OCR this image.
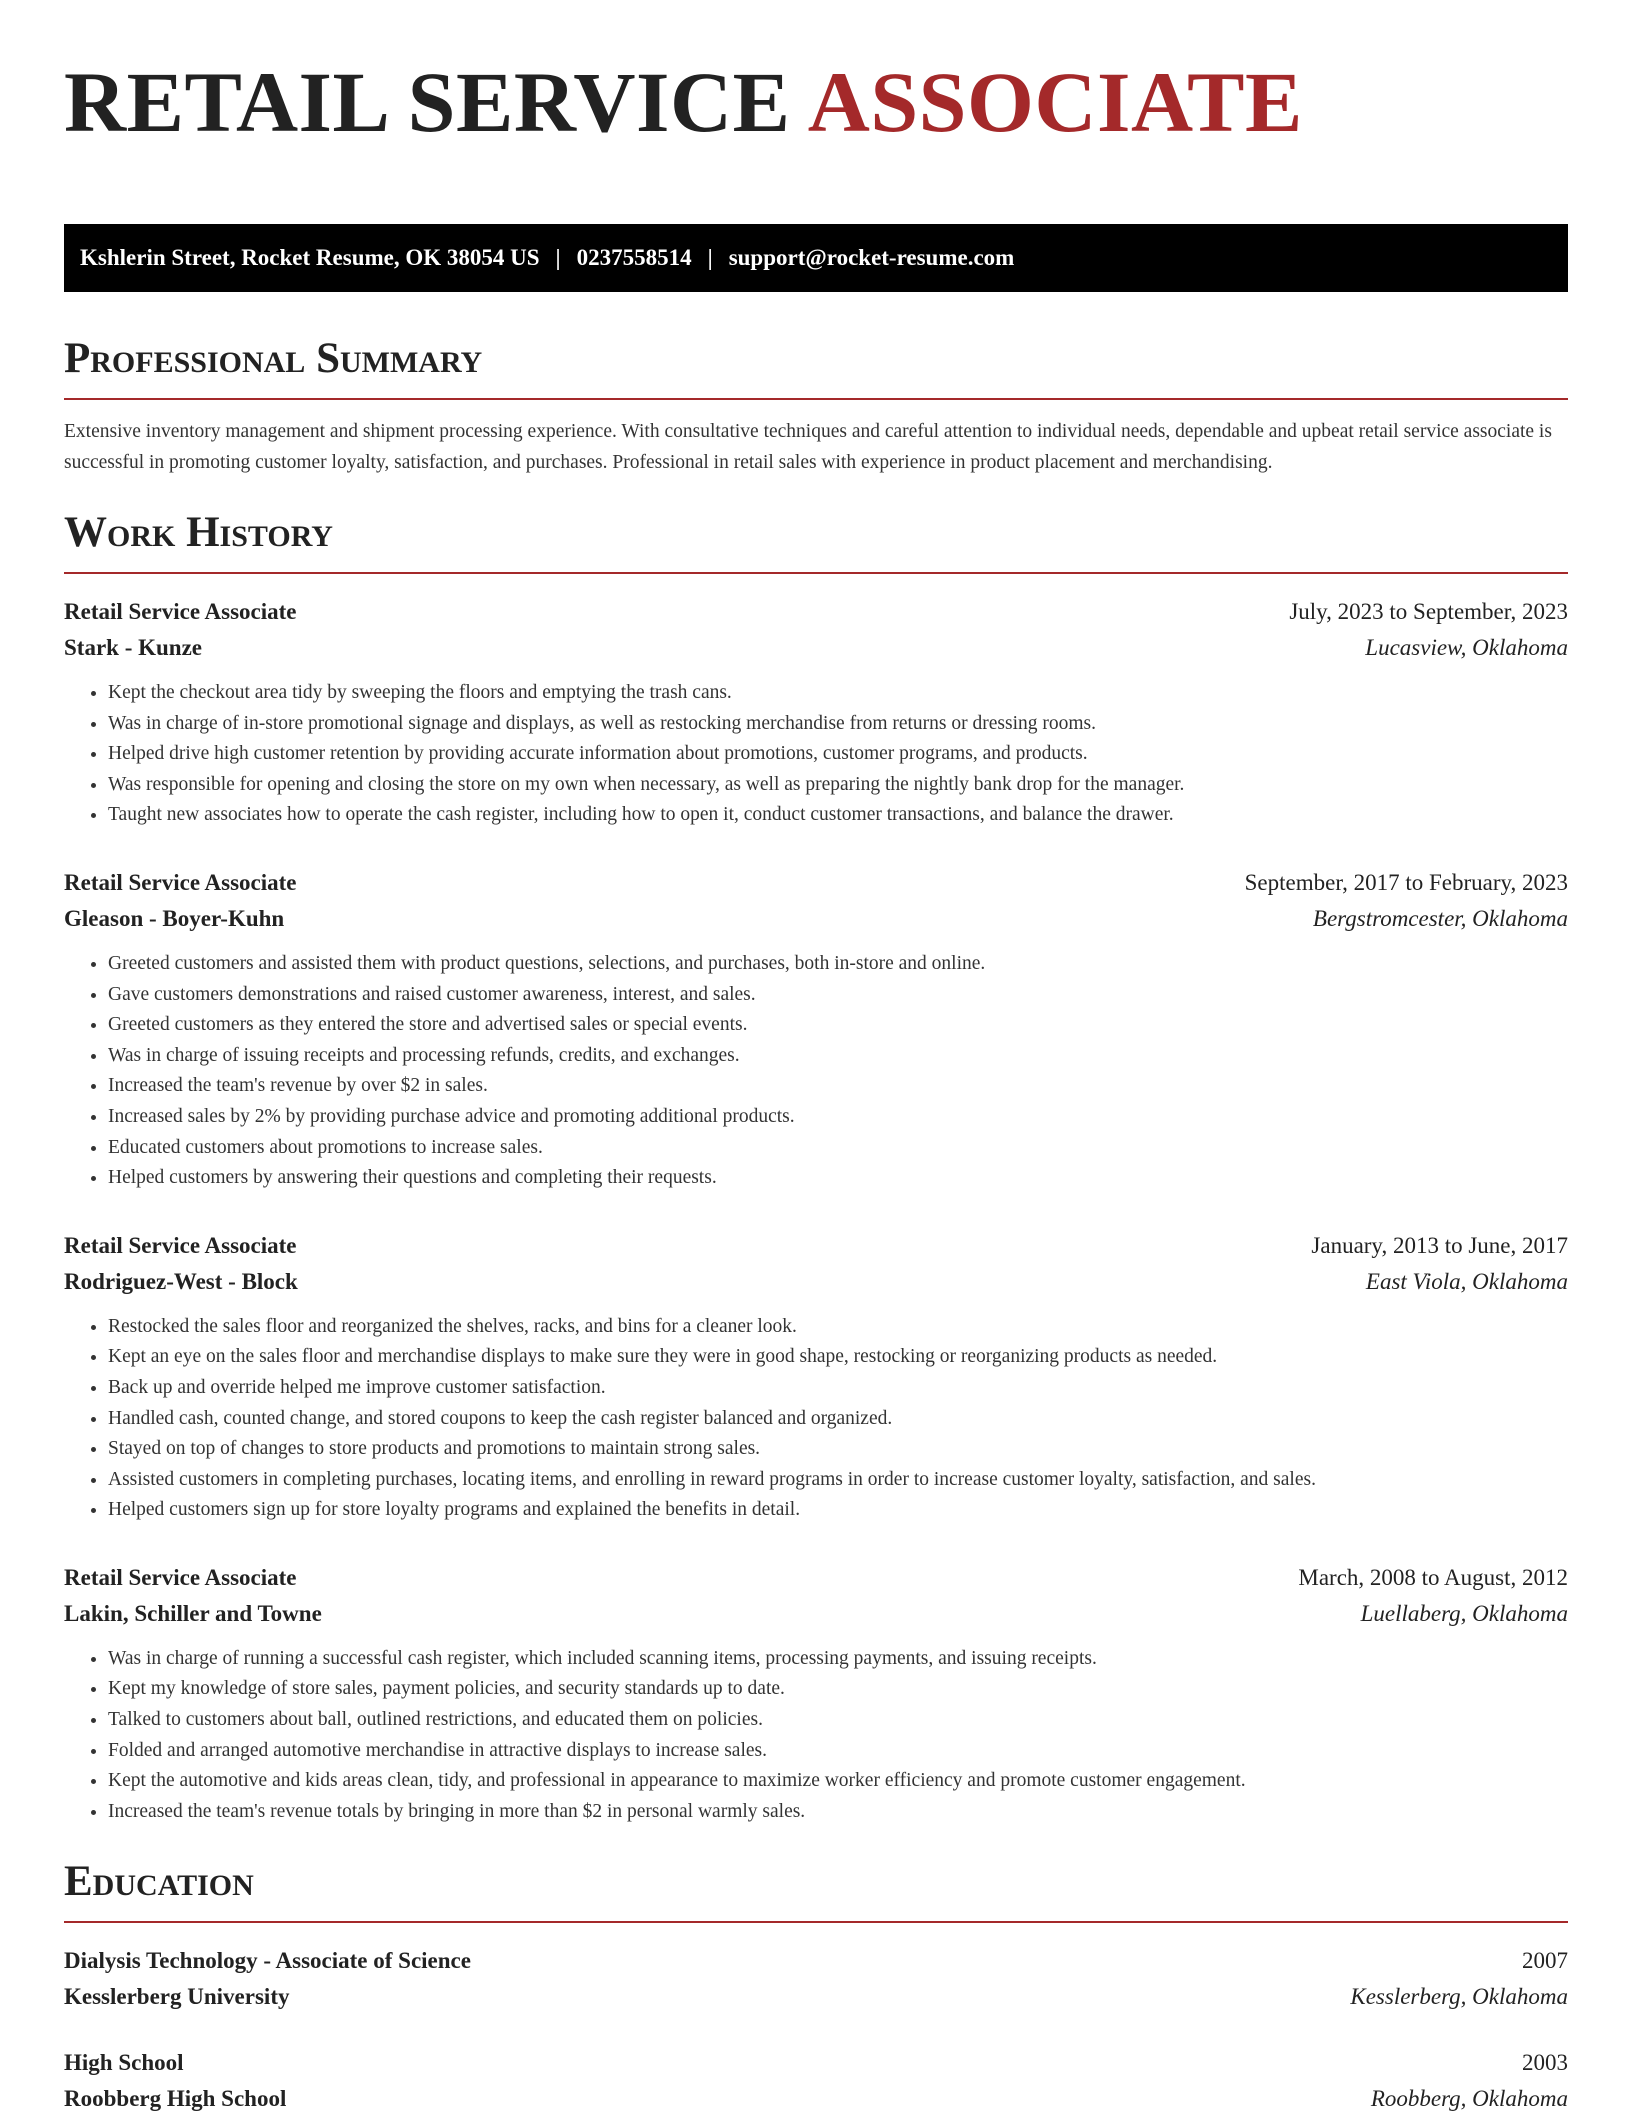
RETAIL SERVICE ASSOCIATE
Kshlerin Street, Rocket Resume, OK 38054 US | 0237558514 | support@rocket-resume.com
Professional Summary

Extensive inventory management and shipment processing experience. With consultative techniques and careful attention to individual needs, dependable and upbeat retail service associate is successful in promoting customer loyalty, satisfaction, and purchases. Professional in retail sales with experience in product placement and merchandising.

Work History
Retail Service Associate	July, 2023 to September, 2023
Stark - Kunze	Lucasview, Oklahoma
• Kept the checkout area tidy by sweeping the floors and emptying the trash cans.
• Was in charge of in-store promotional signage and displays, as well as restocking merchandise from returns or dressing rooms.
• Helped drive high customer retention by providing accurate information about promotions, customer programs, and products.
• Was responsible for opening and closing the store on my own when necessary, as well as preparing the nightly bank drop for the manager.
• Taught new associates how to operate the cash register, including how to open it, conduct customer transactions, and balance the drawer.
Retail Service Associate	September, 2017 to February, 2023
Gleason - Boyer-Kuhn	Bergstromcester, Oklahoma
• Greeted customers and assisted them with product questions, selections, and purchases, both in-store and online.
• Gave customers demonstrations and raised customer awareness, interest, and sales.
• Greeted customers as they entered the store and advertised sales or special events.
• Was in charge of issuing receipts and processing refunds, credits, and exchanges.
• Increased the team's revenue by over $2 in sales.
• Increased sales by 2% by providing purchase advice and promoting additional products.
• Educated customers about promotions to increase sales.
• Helped customers by answering their questions and completing their requests.
Retail Service Associate	January, 2013 to June, 2017
Rodriguez-West - Block	East Viola, Oklahoma
• Restocked the sales floor and reorganized the shelves, racks, and bins for a cleaner look.
• Kept an eye on the sales floor and merchandise displays to make sure they were in good shape, restocking or reorganizing products as needed.
• Back up and override helped me improve customer satisfaction.
• Handled cash, counted change, and stored coupons to keep the cash register balanced and organized.
• Stayed on top of changes to store products and promotions to maintain strong sales.
• Assisted customers in completing purchases, locating items, and enrolling in reward programs in order to increase customer loyalty, satisfaction, and sales.
• Helped customers sign up for store loyalty programs and explained the benefits in detail.
Retail Service Associate	March, 2008 to August, 2012
Lakin, Schiller and Towne	Luellaberg, Oklahoma
• Was in charge of running a successful cash register, which included scanning items, processing payments, and issuing receipts.
• Kept my knowledge of store sales, payment policies, and security standards up to date.
• Talked to customers about ball, outlined restrictions, and educated them on policies.
• Folded and arranged automotive merchandise in attractive displays to increase sales.
• Kept the automotive and kids areas clean, tidy, and professional in appearance to maximize worker efficiency and promote customer engagement.
• Increased the team's revenue totals by bringing in more than $2 in personal warmly sales.
Education
Dialysis Technology - Associate of Science	2007
Kesslerberg University	Kesslerberg, Oklahoma
High School	2003
Roobberg High School	Roobberg, Oklahoma
